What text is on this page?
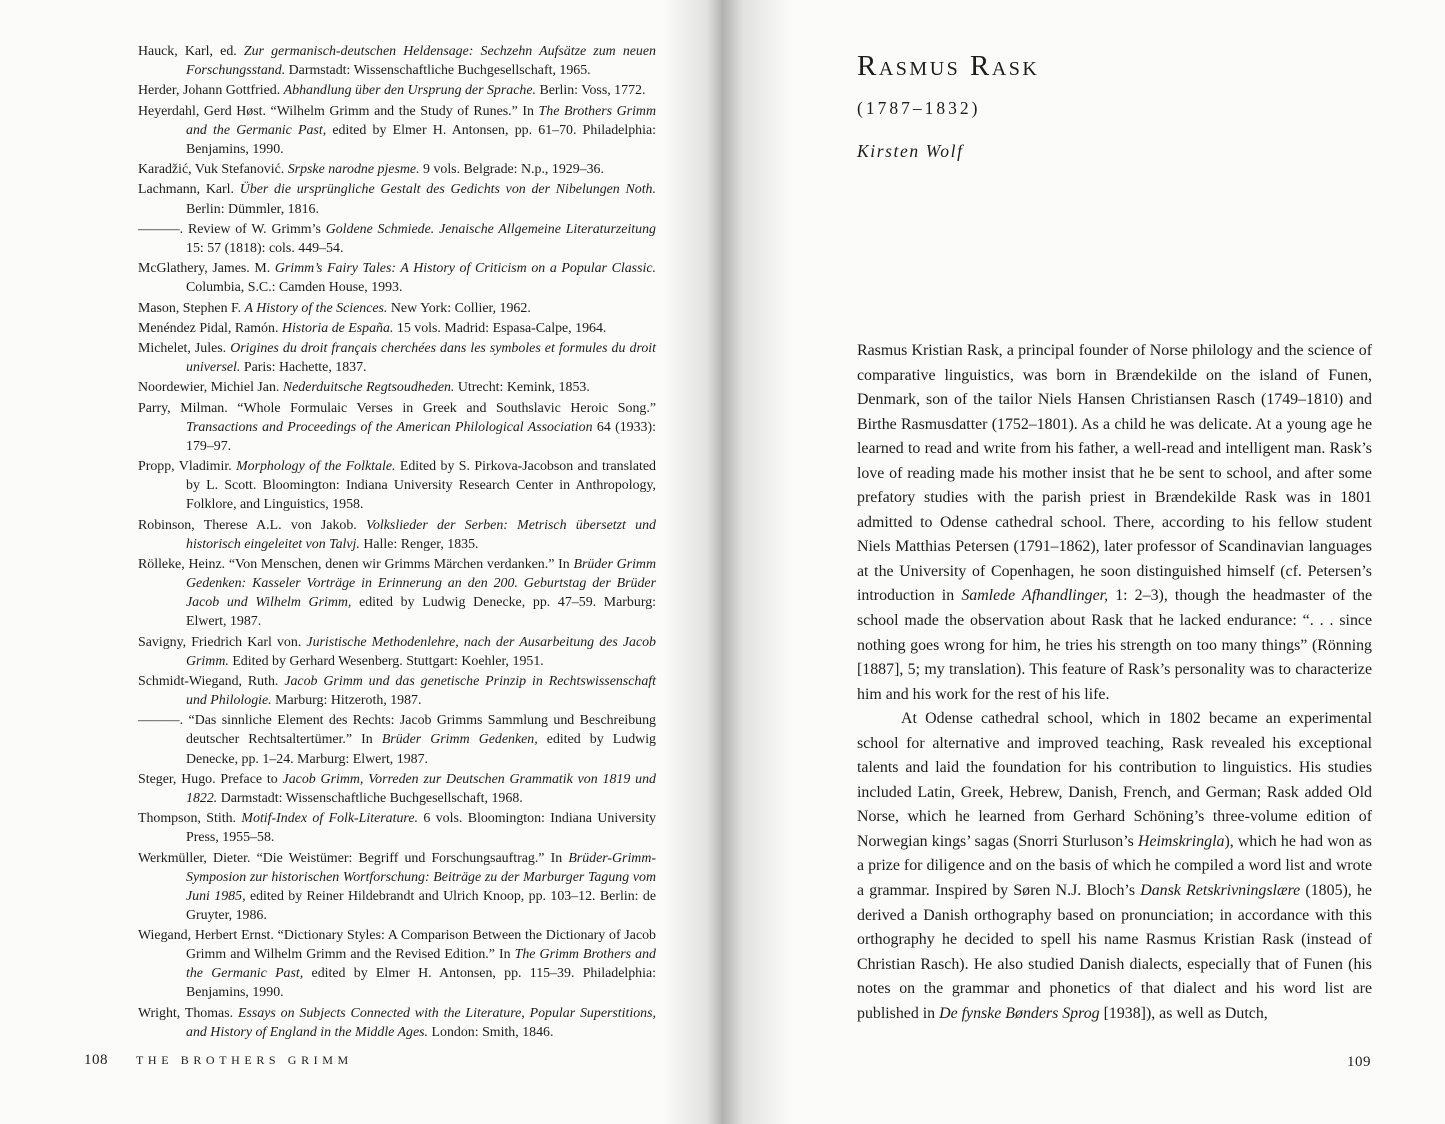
Hauck, Karl, ed. Zur germanisch-deutschen Heldensage: Sechzehn Aufsätze zum neuen Forschungsstand. Darmstadt: Wissenschaftliche Buchgesellschaft, 1965.
Herder, Johann Gottfried. Abhandlung über den Ursprung der Sprache. Berlin: Voss, 1772.
Heyerdahl, Gerd Høst. “Wilhelm Grimm and the Study of Runes.” In The Brothers Grimm and the Germanic Past, edited by Elmer H. Antonsen, pp. 61–70. Philadelphia: Benjamins, 1990.
Karadžić, Vuk Stefanović. Srpske narodne pjesme. 9 vols. Belgrade: N.p., 1929–36.
Lachmann, Karl. Über die ursprüngliche Gestalt des Gedichts von der Nibelungen Noth. Berlin: Dümmler, 1816.
———. Review of W. Grimm’s Goldene Schmiede. Jenaische Allgemeine Literaturzeitung 15: 57 (1818): cols. 449–54.
McGlathery, James. M. Grimm’s Fairy Tales: A History of Criticism on a Popular Classic. Columbia, S.C.: Camden House, 1993.
Mason, Stephen F. A History of the Sciences. New York: Collier, 1962.
Menéndez Pidal, Ramón. Historia de España. 15 vols. Madrid: Espasa-Calpe, 1964.
Michelet, Jules. Origines du droit français cherchées dans les symboles et formules du droit universel. Paris: Hachette, 1837.
Noordewier, Michiel Jan. Nederduitsche Regtsoudheden. Utrecht: Kemink, 1853.
Parry, Milman. “Whole Formulaic Verses in Greek and Southslavic Heroic Song.” Transactions and Proceedings of the American Philological Association 64 (1933): 179–97.
Propp, Vladimir. Morphology of the Folktale. Edited by S. Pirkova-Jacobson and translated by L. Scott. Bloomington: Indiana University Research Center in Anthropology, Folklore, and Linguistics, 1958.
Robinson, Therese A.L. von Jakob. Volkslieder der Serben: Metrisch übersetzt und historisch eingeleitet von Talvj. Halle: Renger, 1835.
Rölleke, Heinz. “Von Menschen, denen wir Grimms Märchen verdanken.” In Brüder Grimm Gedenken: Kasseler Vorträge in Erinnerung an den 200. Geburtstag der Brüder Jacob und Wilhelm Grimm, edited by Ludwig Denecke, pp. 47–59. Marburg: Elwert, 1987.
Savigny, Friedrich Karl von. Juristische Methodenlehre, nach der Ausarbeitung des Jacob Grimm. Edited by Gerhard Wesenberg. Stuttgart: Koehler, 1951.
Schmidt-Wiegand, Ruth. Jacob Grimm und das genetische Prinzip in Rechtswissenschaft und Philologie. Marburg: Hitzeroth, 1987.
———. “Das sinnliche Element des Rechts: Jacob Grimms Sammlung und Beschreibung deutscher Rechtsaltertümer.” In Brüder Grimm Gedenken, edited by Ludwig Denecke, pp. 1–24. Marburg: Elwert, 1987.
Steger, Hugo. Preface to Jacob Grimm, Vorreden zur Deutschen Grammatik von 1819 und 1822. Darmstadt: Wissenschaftliche Buchgesellschaft, 1968.
Thompson, Stith. Motif-Index of Folk-Literature. 6 vols. Bloomington: Indiana University Press, 1955–58.
Werkmüller, Dieter. “Die Weistümer: Begriff und Forschungsauftrag.” In Brüder-Grimm-Symposion zur historischen Wortforschung: Beiträge zu der Marburger Tagung vom Juni 1985, edited by Reiner Hildebrandt and Ulrich Knoop, pp. 103–12. Berlin: de Gruyter, 1986.
Wiegand, Herbert Ernst. “Dictionary Styles: A Comparison Between the Dictionary of Jacob Grimm and Wilhelm Grimm and the Revised Edition.” In The Grimm Brothers and the Germanic Past, edited by Elmer H. Antonsen, pp. 115–39. Philadelphia: Benjamins, 1990.
Wright, Thomas. Essays on Subjects Connected with the Literature, Popular Superstitions, and History of England in the Middle Ages. London: Smith, 1846.
108 THE BROTHERS GRIMM
Rasmus Rask
(1787–1832)
Kirsten Wolf

Rasmus Kristian Rask, a principal founder of Norse philology and the science of comparative linguistics, was born in Brændekilde on the island of Funen, Denmark, son of the tailor Niels Hansen Christiansen Rasch (1749–1810) and Birthe Rasmusdatter (1752–1801). As a child he was delicate. At a young age he learned to read and write from his father, a well-read and intelligent man. Rask’s love of reading made his mother insist that he be sent to school, and after some prefatory studies with the parish priest in Brændekilde Rask was in 1801 admitted to Odense cathedral school. There, according to his fellow student Niels Matthias Petersen (1791–1862), later professor of Scandinavian languages at the University of Copenhagen, he soon distinguished himself (cf. Petersen’s introduction in Samlede Afhandlinger, 1: 2–3), though the headmaster of the school made the observation about Rask that he lacked endurance: “. . . since nothing goes wrong for him, he tries his strength on too many things” (Rönning [1887], 5; my translation). This feature of Rask’s personality was to characterize him and his work for the rest of his life.

At Odense cathedral school, which in 1802 became an experimental school for alternative and improved teaching, Rask revealed his exceptional talents and laid the foundation for his contribution to linguistics. His studies included Latin, Greek, Hebrew, Danish, French, and German; Rask added Old Norse, which he learned from Gerhard Schöning’s three-volume edition of Norwegian kings’ sagas (Snorri Sturluson’s Heimskringla), which he had won as a prize for diligence and on the basis of which he compiled a word list and wrote a grammar. Inspired by Søren N.J. Bloch’s Dansk Retskrivningslære (1805), he derived a Danish orthography based on pronunciation; in accordance with this orthography he decided to spell his name Rasmus Kristian Rask (instead of Christian Rasch). He also studied Danish dialects, especially that of Funen (his notes on the grammar and phonetics of that dialect and his word list are published in De fynske Bønders Sprog [1938]), as well as Dutch,

109
